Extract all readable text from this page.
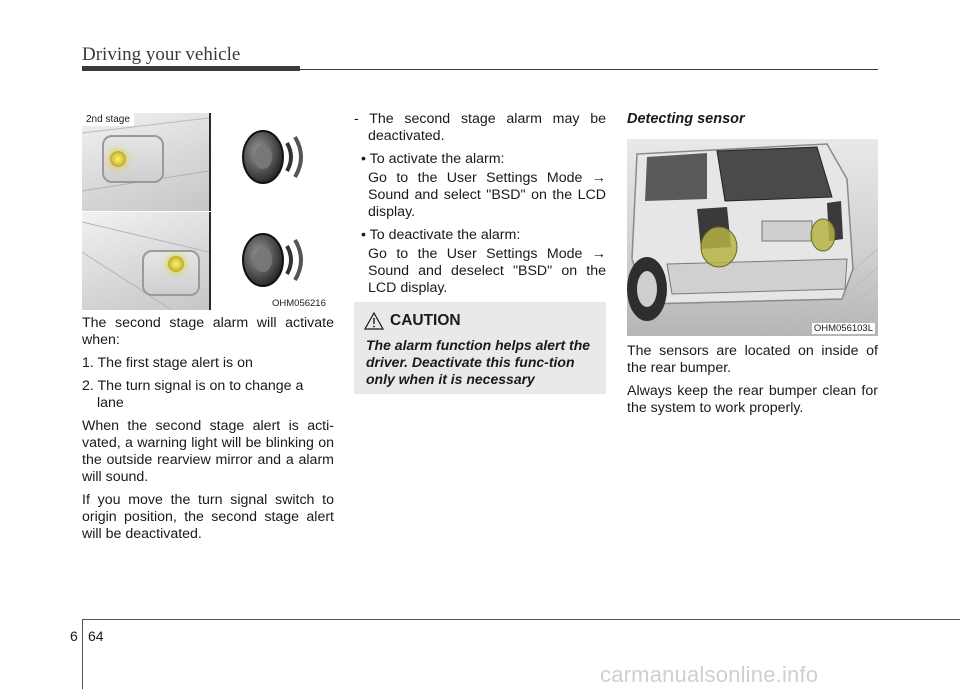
Driving your vehicle
2nd stage
OHM056216

The second stage alarm will activate when:

1. The first stage alert is on

2. The turn signal is on to change a lane

When the second stage alert is acti-vated, a warning light will be blinking on the outside rearview mirror and a alarm will sound.

If you move the turn signal switch to origin position, the second stage alert will be deactivated.

- The second stage alarm may be deactivated.

• To activate the alarm:

Go to the User Settings Mode → Sound and select "BSD" on the LCD display.

• To deactivate the alarm:

Go to the User Settings Mode → Sound and deselect "BSD" on the LCD display.

CAUTION
The alarm function helps alert the driver. Deactivate this func-tion only when it is necessary
Detecting sensor
OHM056103L

The sensors are located on inside of the rear bumper.

Always keep the rear bumper clean for the system to work properly.

6 64
carmanualsonline.info
